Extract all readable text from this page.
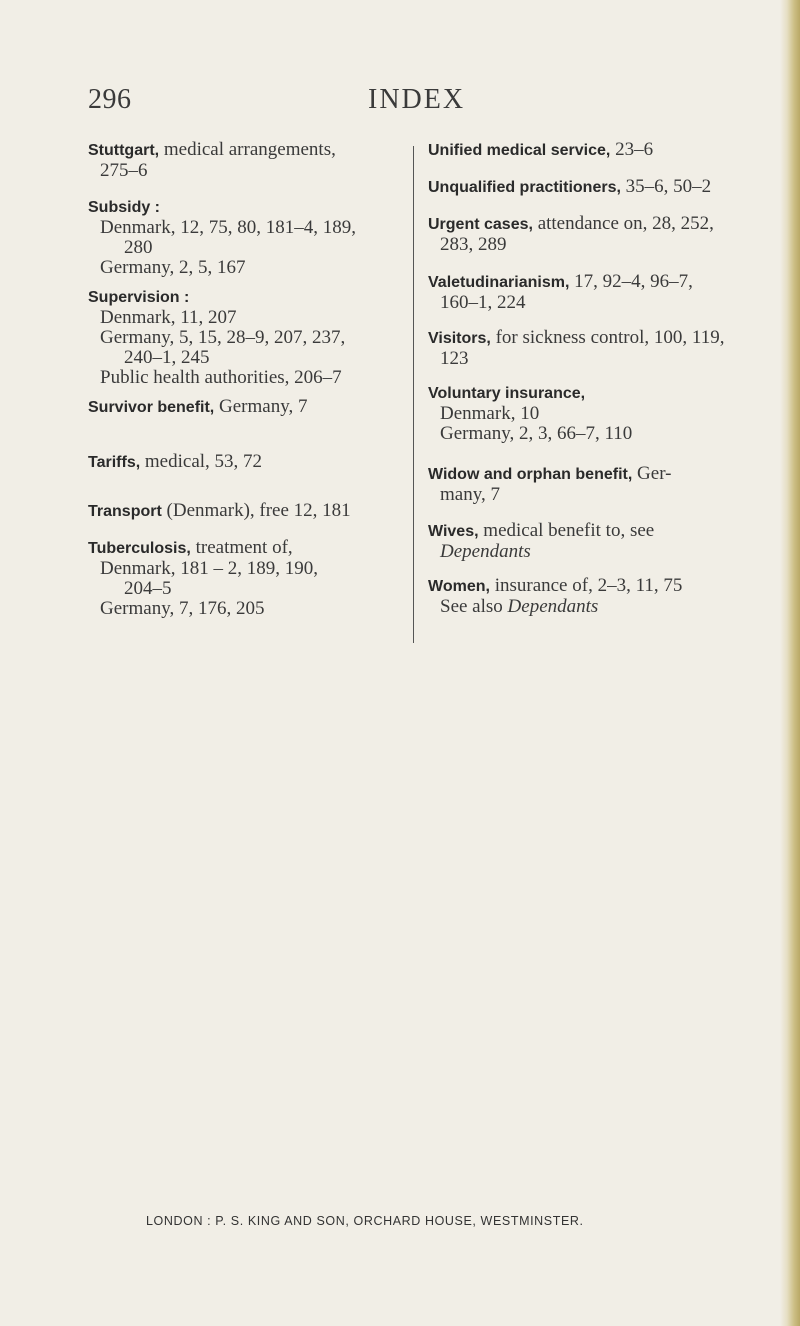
296	INDEX
Stuttgart, medical arrangements,
275–6
Subsidy :
Denmark, 12, 75, 80, 181–4, 189,
280
Germany, 2, 5, 167
Supervision :
Denmark, 11, 207
Germany, 5, 15, 28–9, 207, 237,
240–1, 245
Public health authorities, 206–7
Survivor benefit, Germany, 7
Tariffs, medical, 53, 72
Transport (Denmark), free 12, 181
Tuberculosis, treatment of,
Denmark, 181 – 2, 189, 190,
204–5
Germany, 7, 176, 205
Unified medical service, 23–6
Unqualified practitioners, 35–6, 50–2
Urgent cases, attendance on, 28, 252,
283, 289
Valetudinarianism, 17, 92–4, 96–7,
160–1, 224
Visitors, for sickness control, 100, 119,
123
Voluntary insurance,
Denmark, 10
Germany, 2, 3, 66–7, 110
Widow and orphan benefit, Ger-
many, 7
Wives, medical benefit to, see
Dependants
Women, insurance of, 2–3, 11, 75
See also Dependants
LONDON : P. S. KING AND SON, ORCHARD HOUSE, WESTMINSTER.
